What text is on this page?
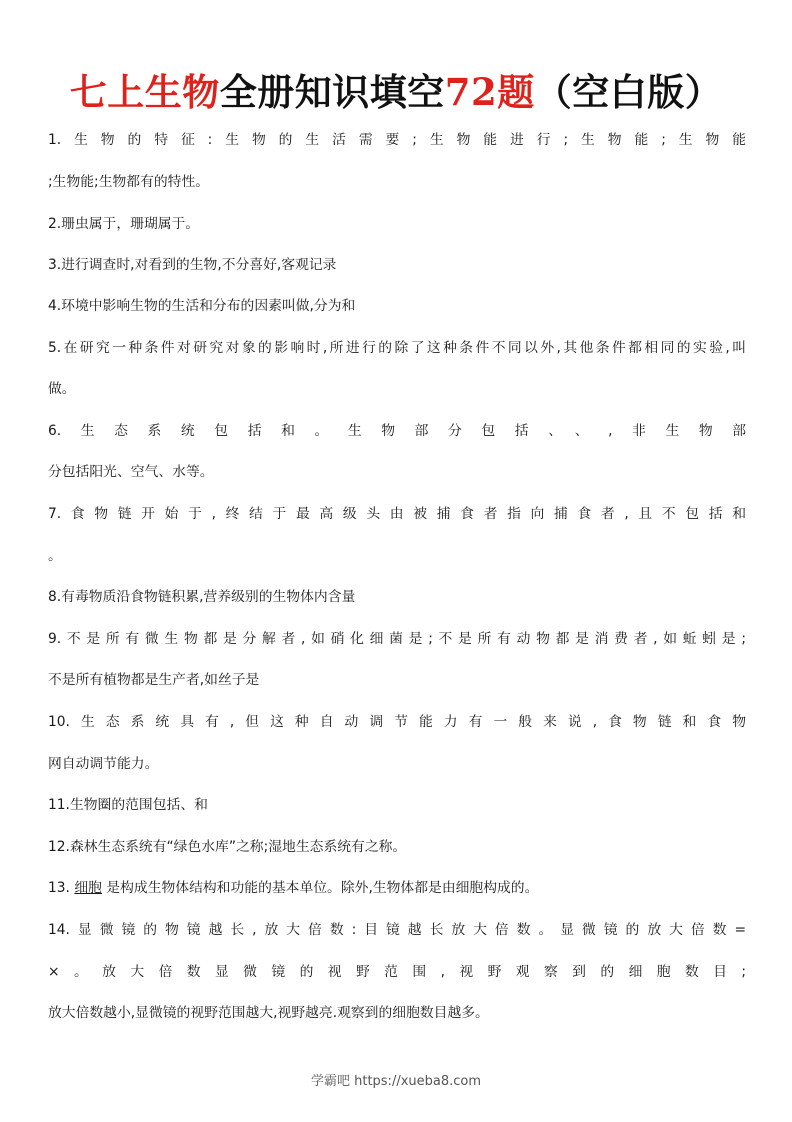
七上生物全册知识填空72题（空白版）
1.生物的特征:生物的生活需要;生物能进行;生物能;生物能
;生物能;生物都有的特性。
2.珊虫属于，珊瑚属于。
3.进行调查时,对看到的生物,不分喜好,客观记录
4.环境中影响生物的生活和分布的因素叫做,分为和
5.在研究一种条件对研究对象的影响时,所进行的除了这种条件不同以外,其他条件都相同的实验,叫
做。
6.生态系统包括和。生物部分包括、、,非生物部
分包括阳光、空气、水等。
7.食物链开始于,终结于最高级头由被捕食者指向捕食者,且不包括和
。
8.有毒物质沿食物链积累,营养级别的生物体内含量
9.不是所有微生物都是分解者,如硝化细菌是;不是所有动物都是消费者,如蚯蚓是;
不是所有植物都是生产者,如丝子是
10.生态系统具有,但这种自动调节能力有一般来说,食物链和食物
网自动调节能力。
11.生物圈的范围包括、和
12.森林生态系统有“绿色水库”之称;湿地生态系统有之称。
13. 细胞 是构成生物体结构和功能的基本单位。除外,生物体都是由细胞构成的。
14.显微镜的物镜越长,放大倍数:目镜越长放大倍数。显微镜的放大倍数=
×。放大倍数显微镜的视野范围,视野观察到的细胞数目;
放大倍数越小,显微镜的视野范围越大,视野越亮.观察到的细胞数目越多。
学霸吧 https://xueba8.com
